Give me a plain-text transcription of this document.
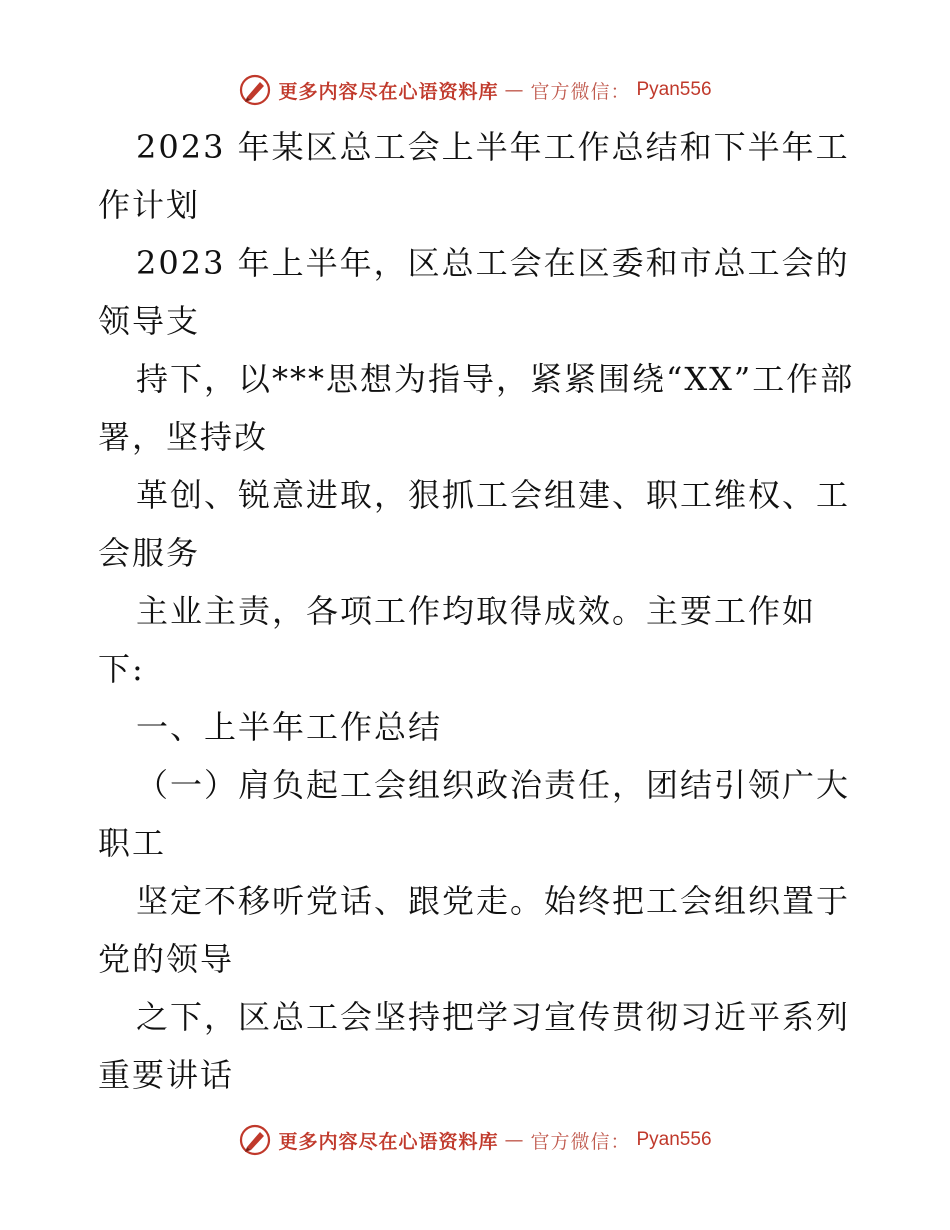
更多内容尽在心语资料库 — 官方微信： Pyan556

2023 年某区总工会上半年工作总结和下半年工作计划

2023 年上半年，区总工会在区委和市总工会的领导支

持下，以***思想为指导，紧紧围绕“XX”工作部署，坚持改

革创、锐意进取，狠抓工会组建、职工维权、工会服务

主业主责，各项工作均取得成效。主要工作如下:

一、上半年工作总结

（一）肩负起工会组织政治责任，团结引领广大职工

坚定不移听党话、跟党走。始终把工会组织置于党的领导

之下，区总工会坚持把学习宣传贯彻习近平系列重要讲话

更多内容尽在心语资料库 — 官方微信： Pyan556
